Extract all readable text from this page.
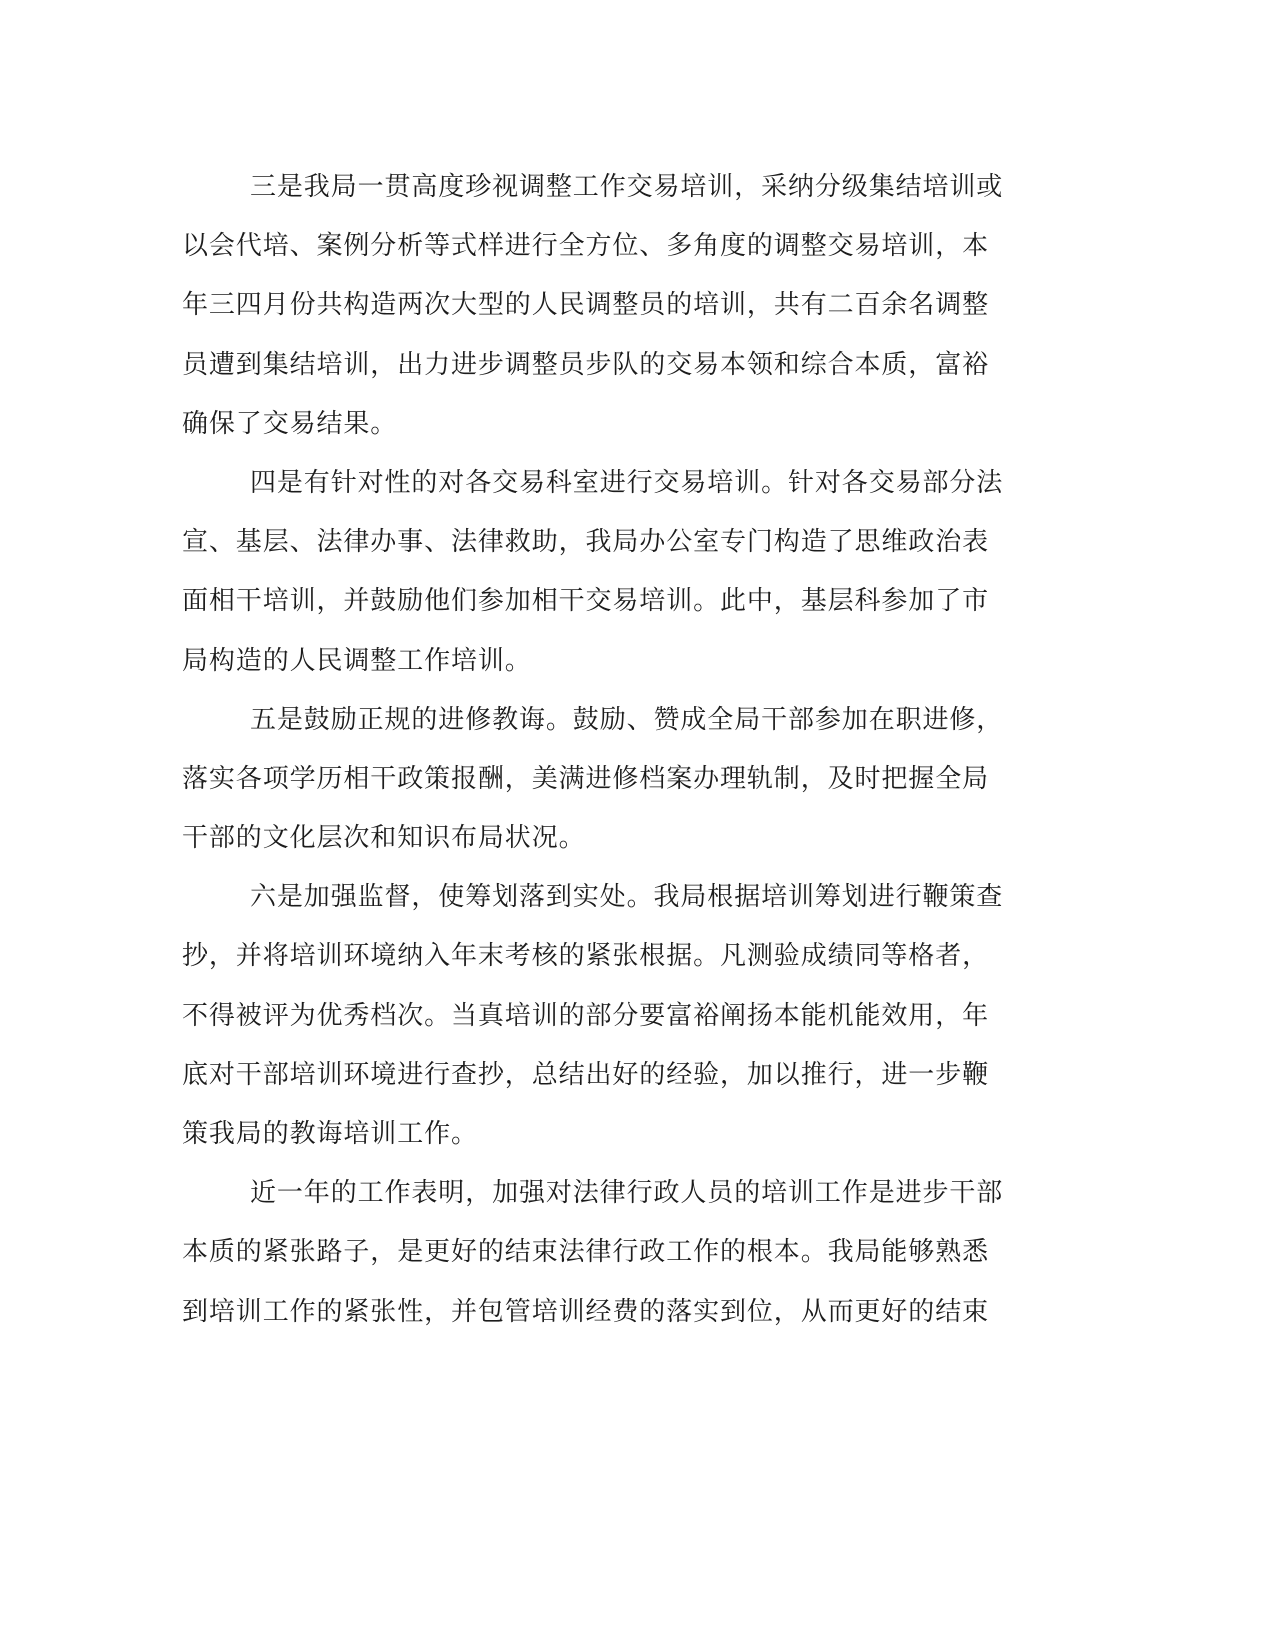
三是我局一贯高度珍视调整工作交易培训，采纳分级集结培训或
以会代培、案例分析等式样进行全方位、多角度的调整交易培训，本
年三四月份共构造两次大型的人民调整员的培训，共有二百余名调整
员遭到集结培训，出力进步调整员步队的交易本领和综合本质，富裕
确保了交易结果。
四是有针对性的对各交易科室进行交易培训。针对各交易部分法
宣、基层、法律办事、法律救助，我局办公室专门构造了思维政治表
面相干培训，并鼓励他们参加相干交易培训。此中，基层科参加了市
局构造的人民调整工作培训。
五是鼓励正规的进修教诲。鼓励、赞成全局干部参加在职进修，
落实各项学历相干政策报酬，美满进修档案办理轨制，及时把握全局
干部的文化层次和知识布局状况。
六是加强监督，使筹划落到实处。我局根据培训筹划进行鞭策查
抄，并将培训环境纳入年末考核的紧张根据。凡测验成绩同等格者，
不得被评为优秀档次。当真培训的部分要富裕阐扬本能机能效用，年
底对干部培训环境进行查抄，总结出好的经验，加以推行，进一步鞭
策我局的教诲培训工作。
近一年的工作表明，加强对法律行政人员的培训工作是进步干部
本质的紧张路子，是更好的结束法律行政工作的根本。我局能够熟悉
到培训工作的紧张性，并包管培训经费的落实到位，从而更好的结束
